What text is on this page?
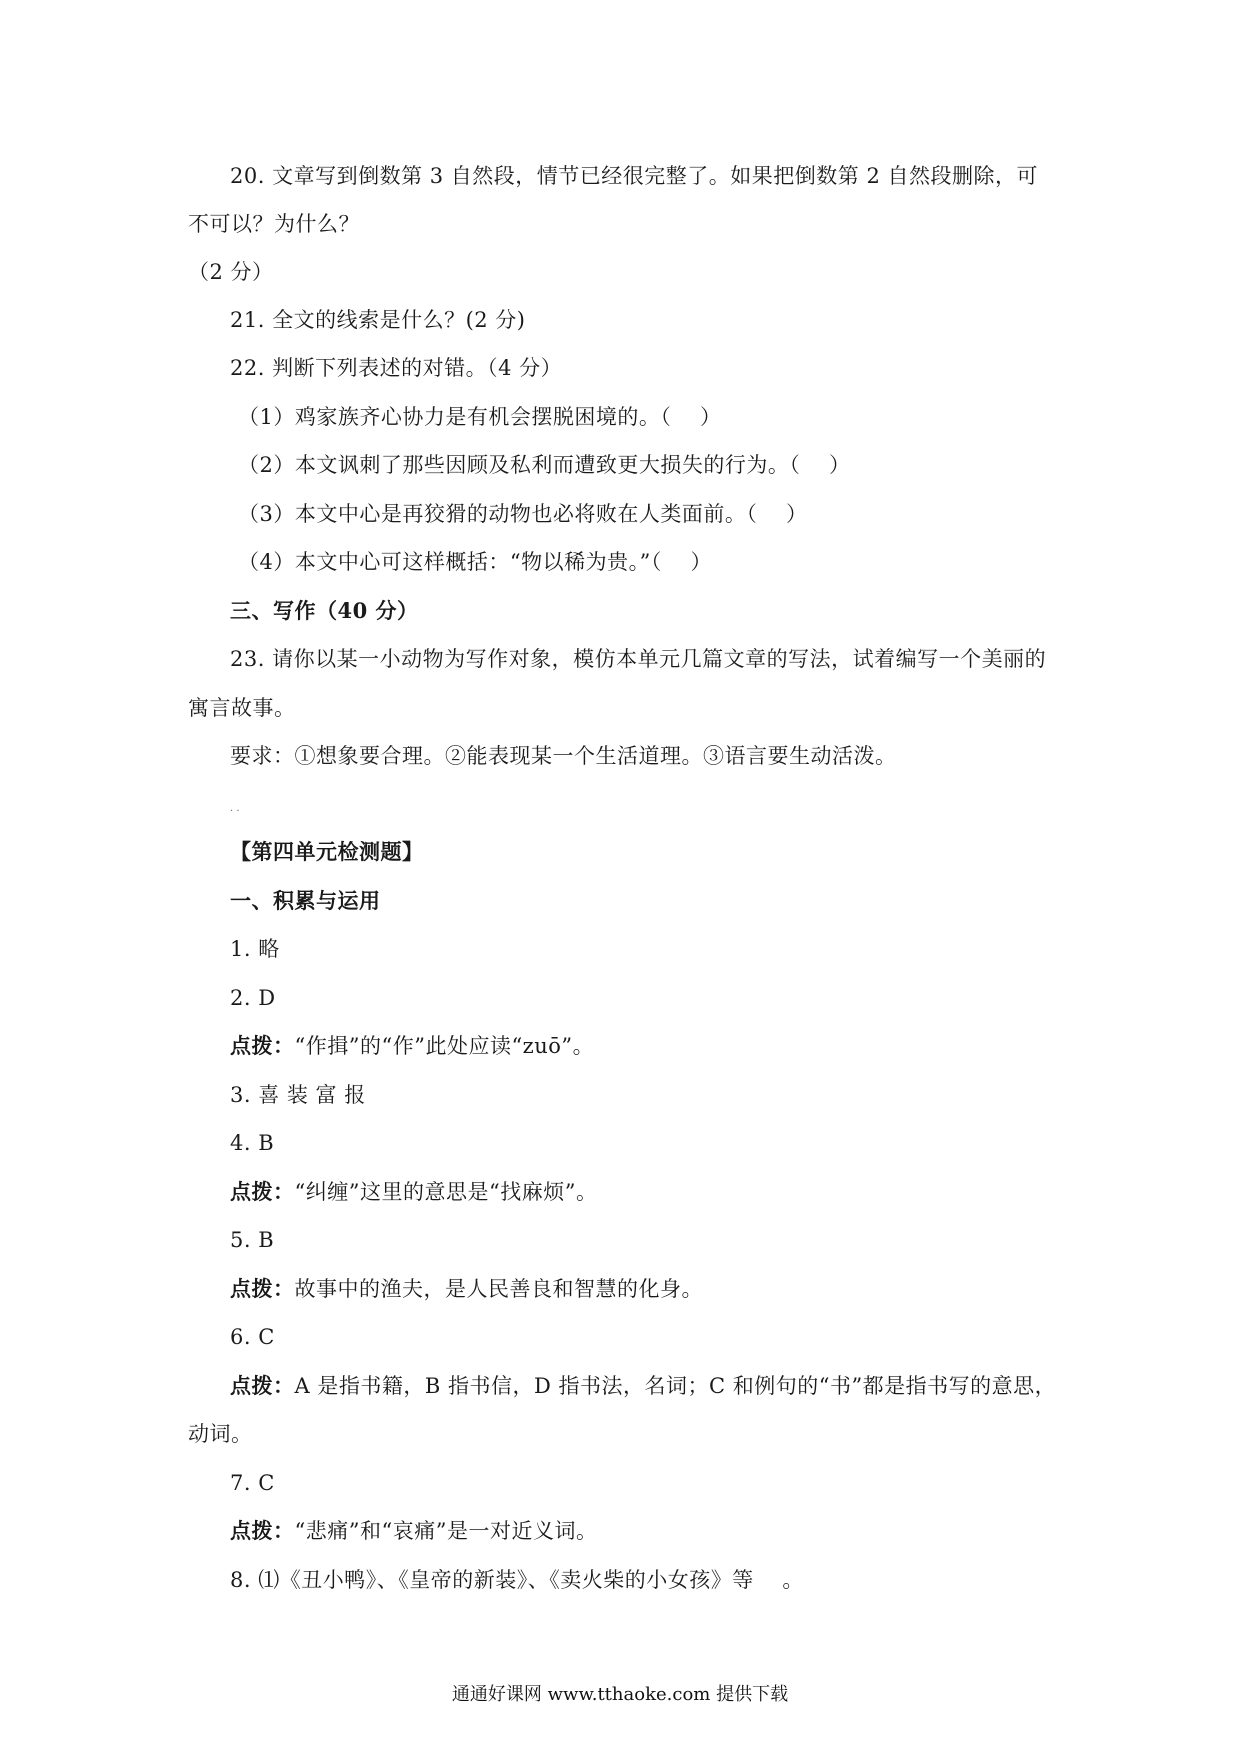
20. 文章写到倒数第 3 自然段，情节已经很完整了。如果把倒数第 2 自然段删除，可
不可以？为什么？
（2 分）
21. 全文的线索是什么？(2 分)
22. 判断下列表述的对错。（4 分）
（1）鸡家族齐心协力是有机会摆脱困境的。（　 ）
（2）本文讽刺了那些因顾及私利而遭致更大损失的行为。（　 ）
（3）本文中心是再狡猾的动物也必将败在人类面前。（　 ）
（4）本文中心可这样概括：“物以稀为贵。”（　 ）
三、写作（40 分）
23. 请你以某一小动物为写作对象，模仿本单元几篇文章的写法，试着编写一个美丽的
寓言故事。
要求：①想象要合理。②能表现某一个生活道理。③语言要生动活泼。
· ·
【第四单元检测题】
一、积累与运用
1. 略
2. D
点拨：“作揖”的“作”此处应读“zuō”。
3. 喜 装 富 报
4. B
点拨：“纠缠”这里的意思是“找麻烦”。
5. B
点拨：故事中的渔夫，是人民善良和智慧的化身。
6. C
点拨：A 是指书籍，B 指书信，D 指书法，名词；C 和例句的“书”都是指书写的意思，
动词。
7. C
点拨：“悲痛”和“哀痛”是一对近义词。
8. ⑴《丑小鸭》、《皇帝的新装》、《卖火柴的小女孩》等　 。
通通好课网 www.tthaoke.com 提供下载
